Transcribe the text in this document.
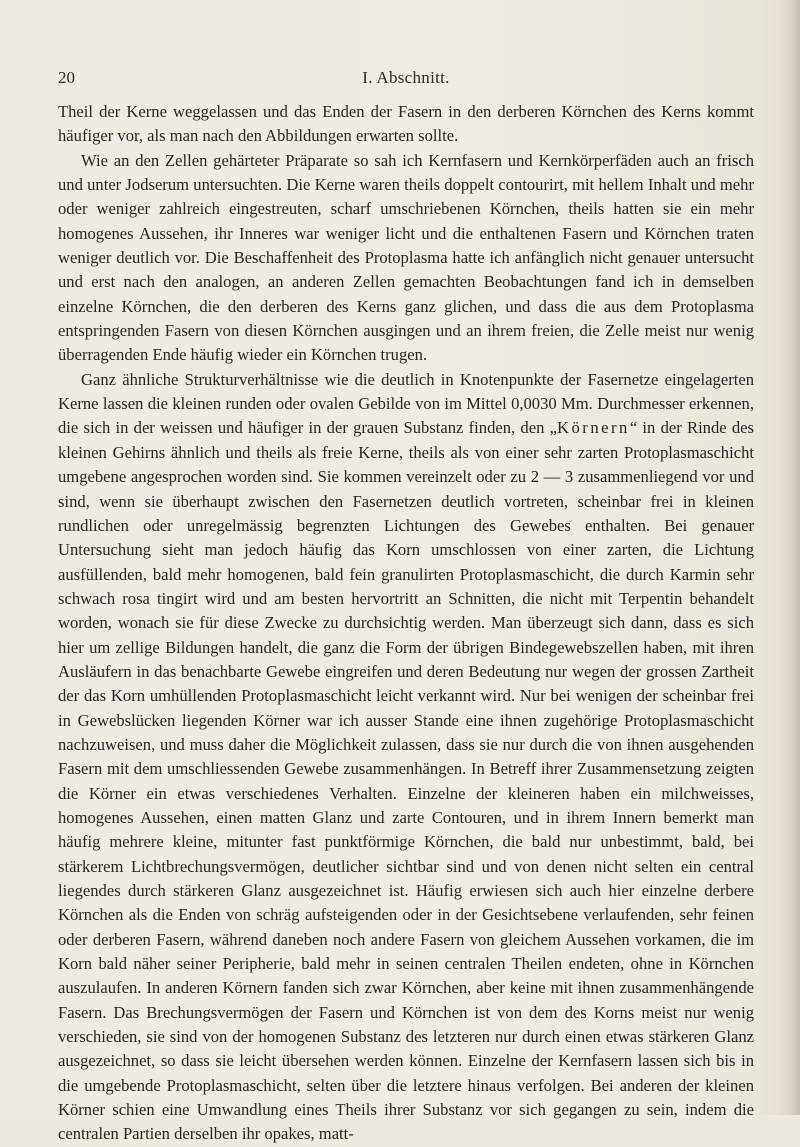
20	I. Abschnitt.

Theil der Kerne weggelassen und das Enden der Fasern in den derberen Körnchen des Kerns kommt häufiger vor, als man nach den Abbildungen erwarten sollte.

Wie an den Zellen gehärteter Präparate so sah ich Kernfasern und Kernkörperfäden auch an frisch und unter Jodserum untersuchten. Die Kerne waren theils doppelt contourirt, mit hellem Inhalt und mehr oder weniger zahlreich eingestreuten, scharf umschriebenen Körnchen, theils hatten sie ein mehr homogenes Aussehen, ihr Inneres war weniger licht und die enthaltenen Fasern und Körnchen traten weniger deutlich vor. Die Beschaffenheit des Protoplasma hatte ich anfänglich nicht genauer untersucht und erst nach den analogen, an anderen Zellen gemachten Beobachtungen fand ich in demselben einzelne Körnchen, die den derberen des Kerns ganz glichen, und dass die aus dem Protoplasma entspringenden Fasern von diesen Körnchen ausgingen und an ihrem freien, die Zelle meist nur wenig überragenden Ende häufig wieder ein Körnchen trugen.

Ganz ähnliche Strukturverhältnisse wie die deutlich in Knotenpunkte der Fasernetze eingelagerten Kerne lassen die kleinen runden oder ovalen Gebilde von im Mittel 0,0030 Mm. Durchmesser erkennen, die sich in der weissen und häufiger in der grauen Substanz finden, den „Körnern“ in der Rinde des kleinen Gehirns ähnlich und theils als freie Kerne, theils als von einer sehr zarten Protoplasmaschicht umgebene angesprochen worden sind. Sie kommen vereinzelt oder zu 2 — 3 zusammenliegend vor und sind, wenn sie überhaupt zwischen den Fasernetzen deutlich vortreten, scheinbar frei in kleinen rundlichen oder unregelmässig begrenzten Lichtungen des Gewebes enthalten. Bei genauer Untersuchung sieht man jedoch häufig das Korn umschlossen von einer zarten, die Lichtung ausfüllenden, bald mehr homogenen, bald fein granulirten Protoplasmaschicht, die durch Karmin sehr schwach rosa tingirt wird und am besten hervortritt an Schnitten, die nicht mit Terpentin behandelt worden, wonach sie für diese Zwecke zu durchsichtig werden. Man überzeugt sich dann, dass es sich hier um zellige Bildungen handelt, die ganz die Form der übrigen Bindegewebszellen haben, mit ihren Ausläufern in das benachbarte Gewebe eingreifen und deren Bedeutung nur wegen der grossen Zartheit der das Korn umhüllenden Protoplasmaschicht leicht verkannt wird. Nur bei wenigen der scheinbar frei in Gewebslücken liegenden Körner war ich ausser Stande eine ihnen zugehörige Protoplasmaschicht nachzuweisen, und muss daher die Möglichkeit zulassen, dass sie nur durch die von ihnen ausgehenden Fasern mit dem umschliessenden Gewebe zusammenhängen. In Betreff ihrer Zusammensetzung zeigten die Körner ein etwas verschiedenes Verhalten. Einzelne der kleineren haben ein milchweisses, homogenes Aussehen, einen matten Glanz und zarte Contouren, und in ihrem Innern bemerkt man häufig mehrere kleine, mitunter fast punktförmige Körnchen, die bald nur unbestimmt, bald, bei stärkerem Lichtbrechungsvermögen, deutlicher sichtbar sind und von denen nicht selten ein central liegendes durch stärkeren Glanz ausgezeichnet ist. Häufig erwiesen sich auch hier einzelne derbere Körnchen als die Enden von schräg aufsteigenden oder in der Gesichtsebene verlaufenden, sehr feinen oder derberen Fasern, während daneben noch andere Fasern von gleichem Aussehen vorkamen, die im Korn bald näher seiner Peripherie, bald mehr in seinen centralen Theilen endeten, ohne in Körnchen auszulaufen. In anderen Körnern fanden sich zwar Körnchen, aber keine mit ihnen zusammenhängende Fasern. Das Brechungsvermögen der Fasern und Körnchen ist von dem des Korns meist nur wenig verschieden, sie sind von der homogenen Substanz des letzteren nur durch einen etwas stärkeren Glanz ausgezeichnet, so dass sie leicht übersehen werden können. Einzelne der Kernfasern lassen sich bis in die umgebende Protoplasmaschicht, selten über die letztere hinaus verfolgen. Bei anderen der kleinen Körner schien eine Umwandlung eines Theils ihrer Substanz vor sich gegangen zu sein, indem die centralen Partien derselben ihr opakes, matt-
